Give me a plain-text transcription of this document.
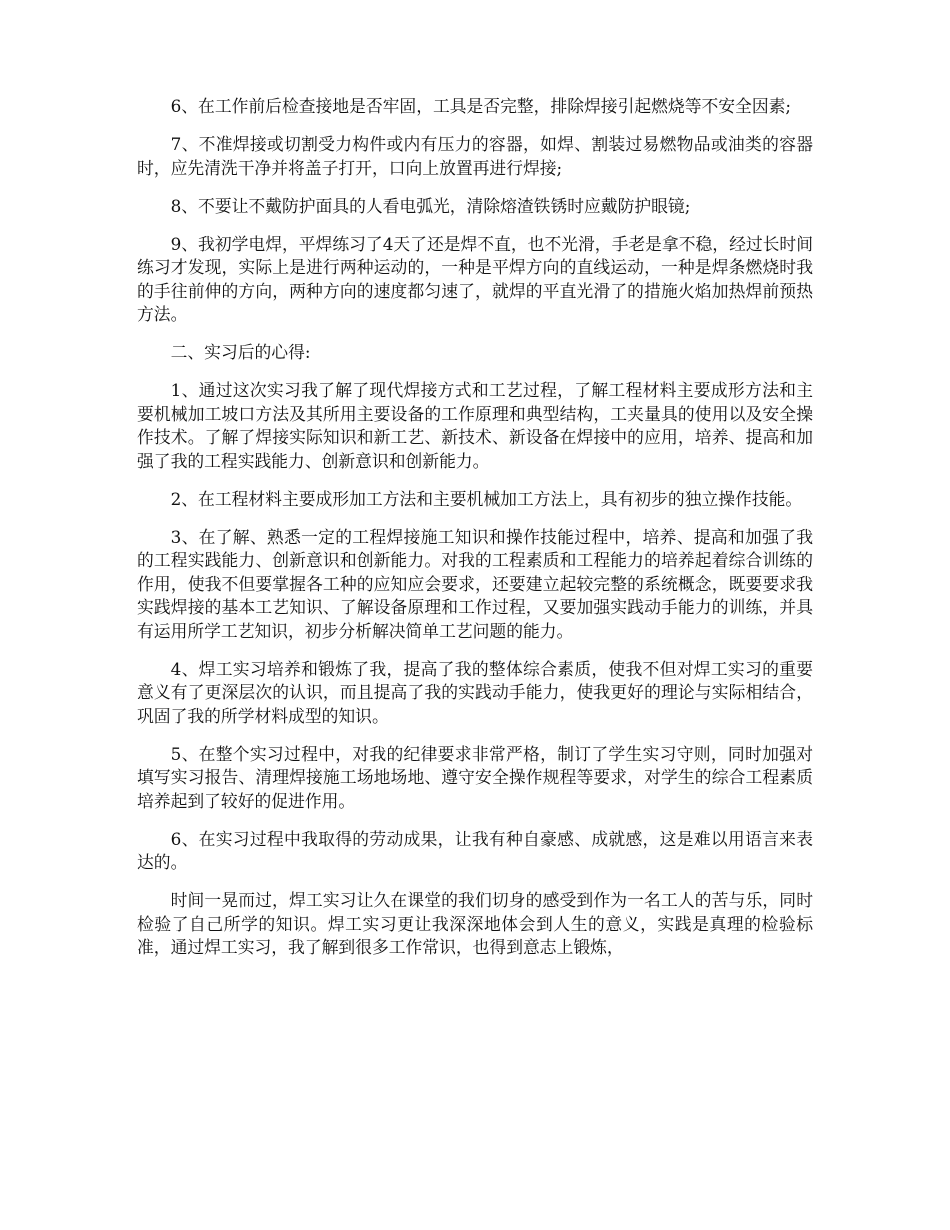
6、在工作前后检查接地是否牢固，工具是否完整，排除焊接引起燃烧等不安全因素;

7、不准焊接或切割受力构件或内有压力的容器，如焊、割装过易燃物品或油类的容器时，应先清洗干净并将盖子打开，口向上放置再进行焊接;

8、不要让不戴防护面具的人看电弧光，清除熔渣铁锈时应戴防护眼镜;

9、我初学电焊，平焊练习了4天了还是焊不直，也不光滑，手老是拿不稳，经过长时间练习才发现，实际上是进行两种运动的，一种是平焊方向的直线运动，一种是焊条燃烧时我的手往前伸的方向，两种方向的速度都匀速了，就焊的平直光滑了的措施火焰加热焊前预热方法。

二、实习后的心得:

1、通过这次实习我了解了现代焊接方式和工艺过程，了解工程材料主要成形方法和主要机械加工坡口方法及其所用主要设备的工作原理和典型结构，工夹量具的使用以及安全操作技术。了解了焊接实际知识和新工艺、新技术、新设备在焊接中的应用，培养、提高和加强了我的工程实践能力、创新意识和创新能力。

2、在工程材料主要成形加工方法和主要机械加工方法上，具有初步的独立操作技能。

3、在了解、熟悉一定的工程焊接施工知识和操作技能过程中，培养、提高和加强了我的工程实践能力、创新意识和创新能力。对我的工程素质和工程能力的培养起着综合训练的作用，使我不但要掌握各工种的应知应会要求，还要建立起较完整的系统概念，既要要求我实践焊接的基本工艺知识、了解设备原理和工作过程，又要加强实践动手能力的训练，并具有运用所学工艺知识，初步分析解决简单工艺问题的能力。

4、焊工实习培养和锻炼了我，提高了我的整体综合素质，使我不但对焊工实习的重要意义有了更深层次的认识，而且提高了我的实践动手能力，使我更好的理论与实际相结合，巩固了我的所学材料成型的知识。

5、在整个实习过程中，对我的纪律要求非常严格，制订了学生实习守则，同时加强对填写实习报告、清理焊接施工场地场地、遵守安全操作规程等要求，对学生的综合工程素质培养起到了较好的促进作用。

6、在实习过程中我取得的劳动成果，让我有种自豪感、成就感，这是难以用语言来表达的。

时间一晃而过，焊工实习让久在课堂的我们切身的感受到作为一名工人的苦与乐，同时检验了自己所学的知识。焊工实习更让我深深地体会到人生的意义，实践是真理的检验标准，通过焊工实习，我了解到很多工作常识，也得到意志上锻炼，
